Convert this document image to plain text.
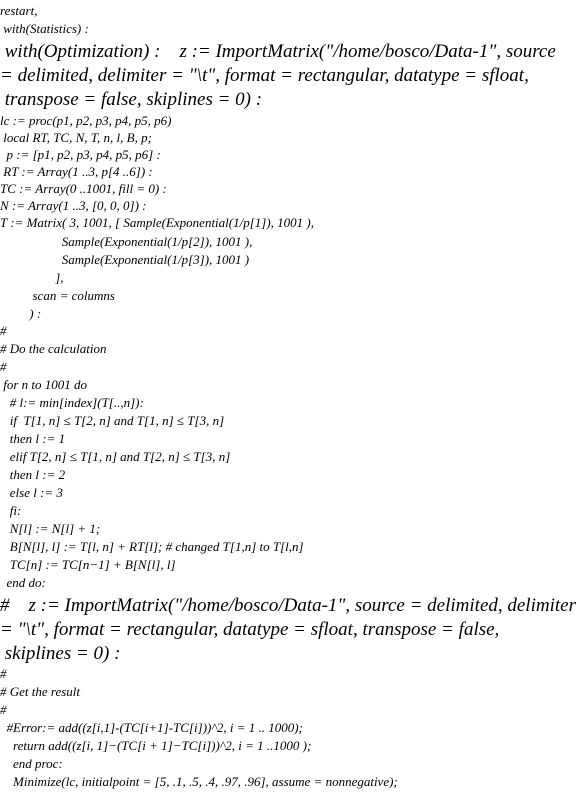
restart,
with(Statistics) :
with(Optimization) :    z := ImportMatrix("/home/bosco/Data-1", source
= delimited, delimiter = "\t", format = rectangular, datatype = sfloat,
transpose = false, skiplines = 0) :
lc := proc(p1, p2, p3, p4, p5, p6)
local RT, TC, N, T, n, l, B, p;
p := [p1, p2, p3, p4, p5, p6] :
RT := Array(1 ..3, p[4 ..6]) :
TC := Array(0 ..1001, fill = 0) :
N := Array(1 ..3, [0, 0, 0]) :
T := Matrix( 3, 1001, [ Sample(Exponential(1/p[1]), 1001 ),
Sample(Exponential(1/p[2]), 1001 ),
Sample(Exponential(1/p[3]), 1001 )
],
scan = columns
) :
#
# Do the calculation
#
for n to 1001 do
# l:= min[index](T[..,n]):
if  T[1, n] ≤ T[2, n] and T[1, n] ≤ T[3, n]
then l := 1
elif T[2, n] ≤ T[1, n] and T[2, n] ≤ T[3, n]
then l := 2
else l := 3
fi:
N[l] := N[l] + 1;
B[N[l], l] := T[l, n] + RT[l]; # changed T[1,n] to T[l,n]
TC[n] := TC[n−1] + B[N[l], l]
end do:
#    z := ImportMatrix("/home/bosco/Data-1", source = delimited, delimiter
= "\t", format = rectangular, datatype = sfloat, transpose = false,
skiplines = 0) :
#
# Get the result
#
#Error:= add((z[i,1]-(TC[i+1]-TC[i]))^2, i = 1 .. 1000);
return add((z[i, 1]−(TC[i + 1]−TC[i]))^2, i = 1 ..1000 );
end proc:
Minimize(lc, initialpoint = [5, .1, .5, .4, .97, .96], assume = nonnegative);
